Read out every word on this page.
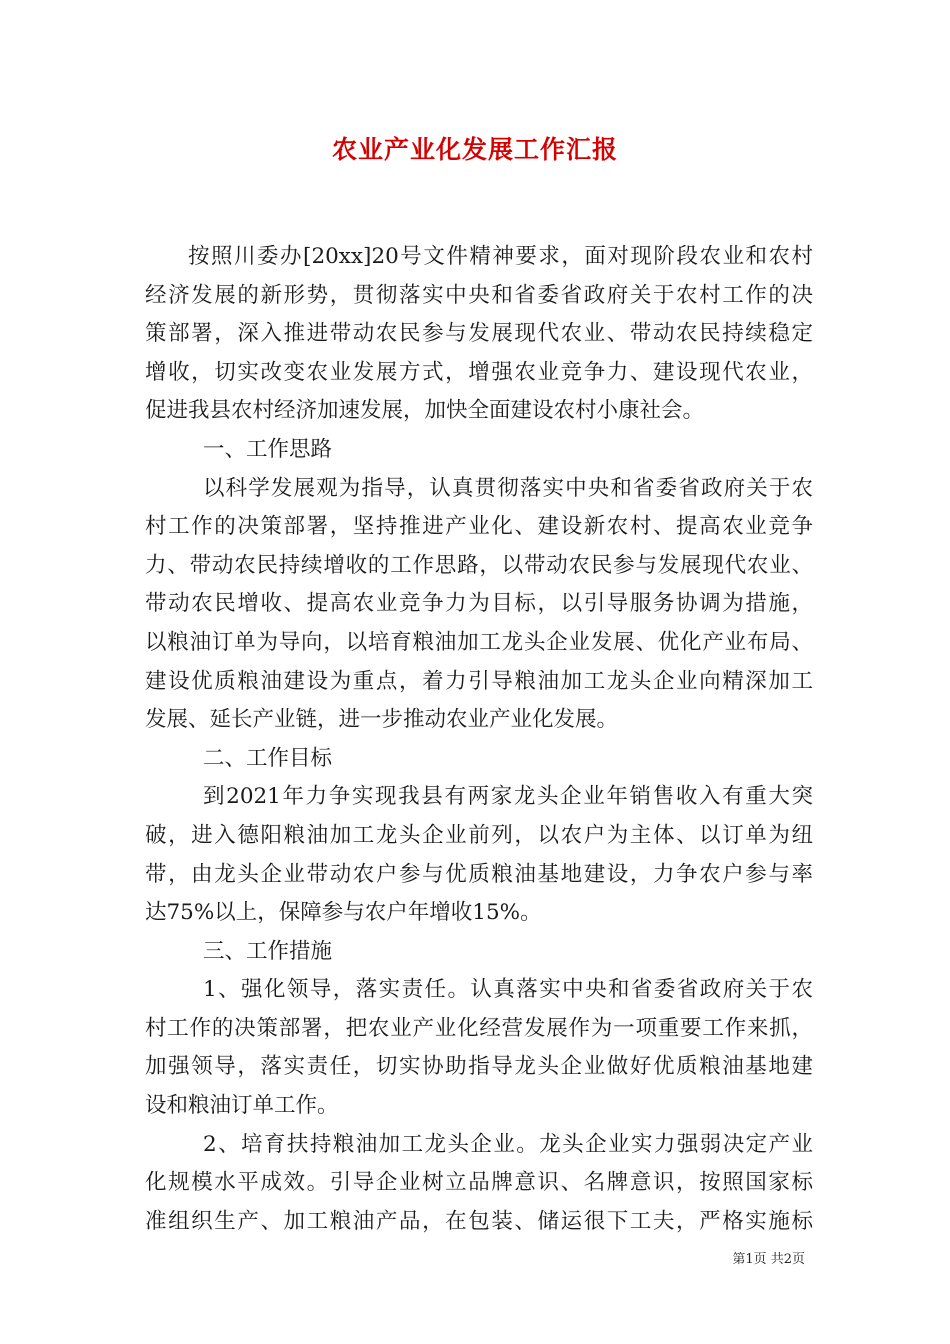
农业产业化发展工作汇报
按照川委办[20xx]20号文件精神要求，面对现阶段农业和农村
经济发展的新形势，贯彻落实中央和省委省政府关于农村工作的决
策部署，深入推进带动农民参与发展现代农业、带动农民持续稳定
增收，切实改变农业发展方式，增强农业竞争力、建设现代农业，
促进我县农村经济加速发展，加快全面建设农村小康社会。
一、工作思路
以科学发展观为指导，认真贯彻落实中央和省委省政府关于农
村工作的决策部署，坚持推进产业化、建设新农村、提高农业竞争
力、带动农民持续增收的工作思路，以带动农民参与发展现代农业、
带动农民增收、提高农业竞争力为目标，以引导服务协调为措施，
以粮油订单为导向，以培育粮油加工龙头企业发展、优化产业布局、
建设优质粮油建设为重点，着力引导粮油加工龙头企业向精深加工
发展、延长产业链，进一步推动农业产业化发展。
二、工作目标
到2021年力争实现我县有两家龙头企业年销售收入有重大突
破，进入德阳粮油加工龙头企业前列，以农户为主体、以订单为纽
带，由龙头企业带动农户参与优质粮油基地建设，力争农户参与率
达75%以上，保障参与农户年增收15%。
三、工作措施
1、强化领导，落实责任。认真落实中央和省委省政府关于农
村工作的决策部署，把农业产业化经营发展作为一项重要工作来抓，
加强领导，落实责任，切实协助指导龙头企业做好优质粮油基地建
设和粮油订单工作。
2、培育扶持粮油加工龙头企业。龙头企业实力强弱决定产业
化规模水平成效。引导企业树立品牌意识、名牌意识，按照国家标
准组织生产、加工粮油产品，在包装、储运很下工夫，严格实施标
第1页 共2页
